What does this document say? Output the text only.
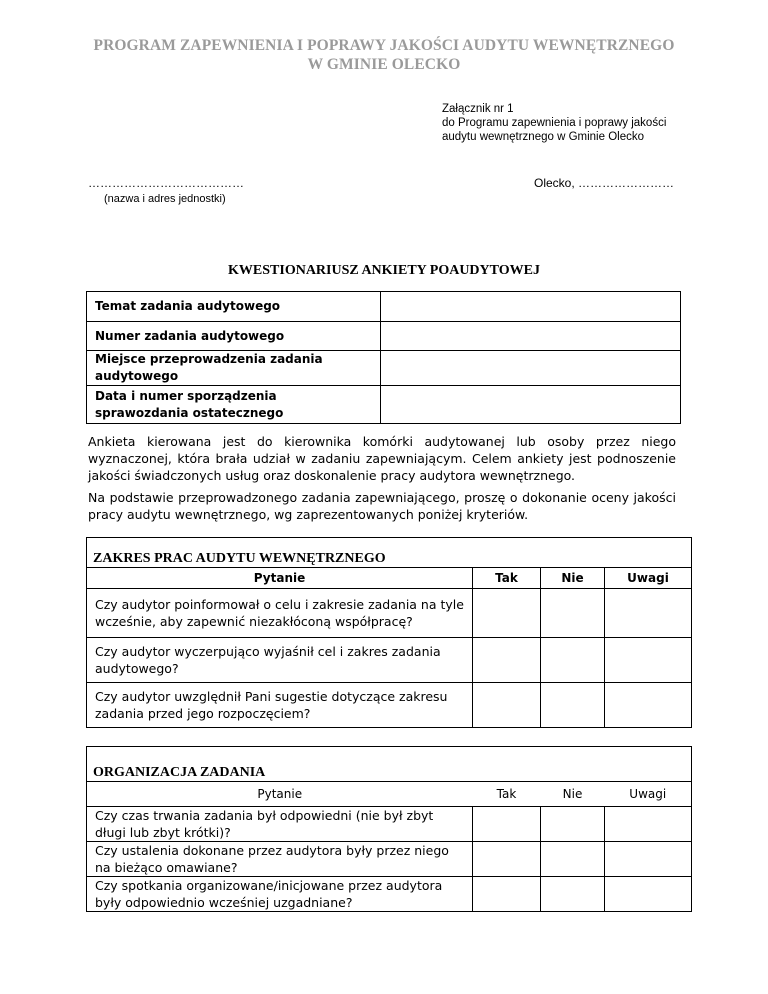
PROGRAM ZAPEWNIENIA I POPRAWY JAKOŚCI AUDYTU WEWNĘTRZNEGO
W GMINIE OLECKO
Załącznik nr 1
do Programu zapewnienia i poprawy jakości
audytu wewnętrznego w Gminie Olecko
…………………………………
(nazwa i adres jednostki)
Olecko, ……………………
KWESTIONARIUSZ ANKIETY POAUDYTOWEJ
Temat zadania audytowego	
Numer zadania audytowego	
Miejsce przeprowadzenia zadania audytowego	
Data i numer sporządzenia sprawozdania ostatecznego	

Ankieta kierowana jest do kierownika komórki audytowanej lub osoby przez niego wyznaczonej, która brała udział w zadaniu zapewniającym. Celem ankiety jest podnoszenie jakości świadczonych usług oraz doskonalenie pracy audytora wewnętrznego.

Na podstawie przeprowadzonego zadania zapewniającego, proszę o dokonanie oceny jakości pracy audytu wewnętrznego, wg zaprezentowanych poniżej kryteriów.

ZAKRES PRAC AUDYTU WEWNĘTRZNEGO			
Pytanie	Tak	Nie	Uwagi
Czy audytor poinformował o celu i zakresie zadania na tyle wcześnie, aby zapewnić niezakłóconą współpracę?			
Czy audytor wyczerpująco wyjaśnił cel i zakres zadania audytowego?			
Czy audytor uwzględnił Pani sugestie dotyczące zakresu zadania przed jego rozpoczęciem?			
ORGANIZACJA ZADANIA			
Pytanie	Tak	Nie	Uwagi
Czy czas trwania zadania był odpowiedni (nie był zbyt długi lub zbyt krótki)?			
Czy ustalenia dokonane przez audytora były przez niego na bieżąco omawiane?			
Czy spotkania organizowane/inicjowane przez audytora były odpowiednio wcześniej uzgadniane?			
